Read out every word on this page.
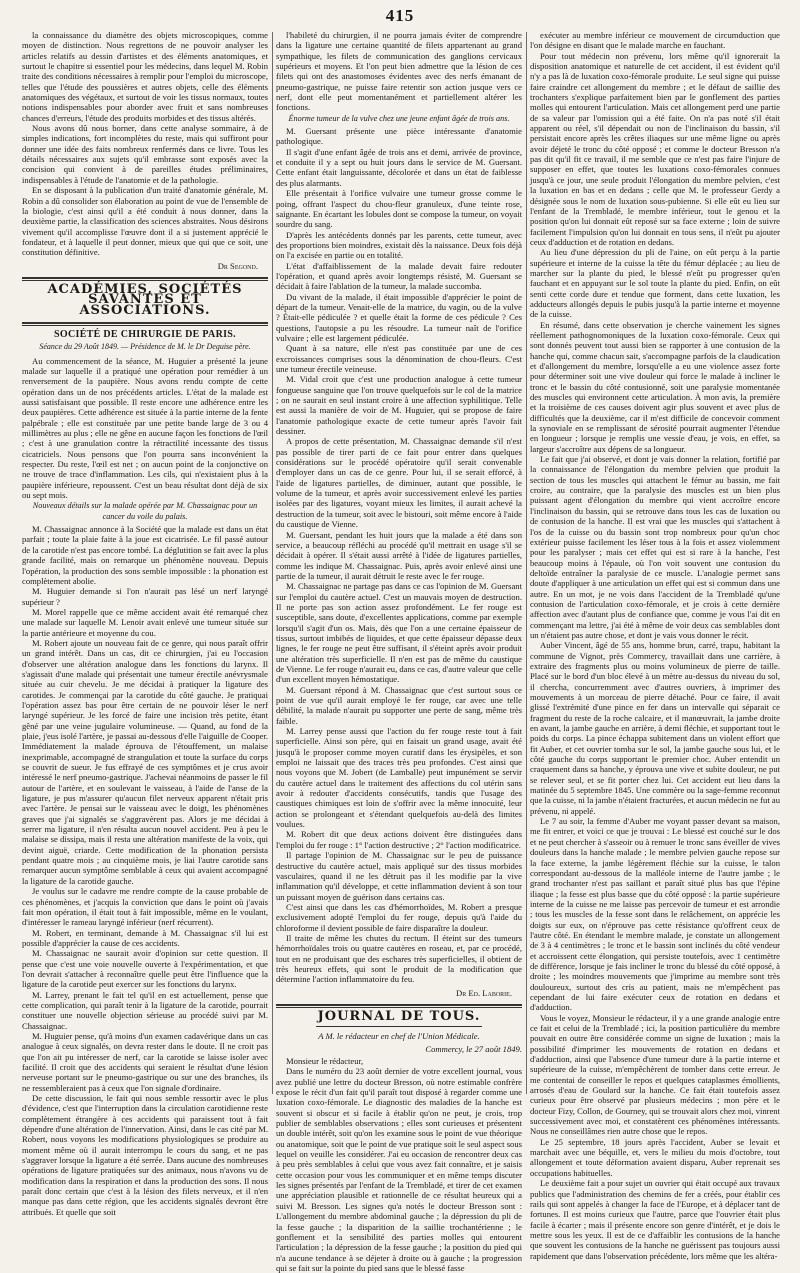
415

la connaissance du diamètre des objets microscopiques, comme moyen de distinction. Nous regrettons de ne pouvoir analyser les articles relatifs au dessin d'artistes et des éléments anatomiques, et surtout le chapitre si essentiel pour les médecins, dans lequel M. Robin traite des conditions nécessaires à remplir pour l'emploi du microscope, telles que l'étude des poussières et autres objets, celle des éléments anatomiques des végétaux, et surtout de voir les tissus normaux, toutes notions indispensables pour aborder avec fruit et sans nombreuses chances d'erreurs, l'étude des produits morbides et des tissus altérés.

Nous avons dû nous borner, dans cette analyse sommaire, à de simples indications, fort incomplètes du reste, mais qui suffiront pour donner une idée des faits nombreux renfermés dans ce livre. Tous les détails nécessaires aux sujets qu'il embrasse sont exposés avec la concision qui convient à de pareilles études préliminaires, indispensables à l'étude de l'anatomie et de la pathologie.

En se disposant à la publication d'un traité d'anatomie générale, M. Robin a dû consolider son élaboration au point de vue de l'ensemble de la biologie, c'est ainsi qu'il a été conduit à nous donner, dans la deuxième partie, la classification des sciences abstraites. Nous désirons vivement qu'il accomplisse l'œuvre dont il a si justement apprécié le fondateur, et à laquelle il peut donner, mieux que qui que ce soit, une constitution définitive.

Dr Segond.

ACADÉMIES, SOCIÉTÉS SAVANTES ET ASSOCIATIONS.

SOCIÉTÉ DE CHIRURGIE DE PARIS.

Séance du 29 Août 1849. — Présidence de M. le Dr Deguise père.

Au commencement de la séance, M. Huguier a présenté la jeune malade sur laquelle il a pratiqué une opération pour remédier à un renversement de la paupière. Nous avons rendu compte de cette opération dans un de nos précédents articles. L'état de la malade est aussi satisfaisant que possible. Il reste encore une adhérence entre les deux paupières. Cette adhérence est située à la partie interne de la fente palpébrale ; elle est constituée par une petite bande large de 3 ou 4 millimètres au plus ; elle ne gêne en aucune façon les fonctions de l'œil ; c'est à une granulation contre la rétractilité incessante des tissus cicatriciels. Nous pensons que l'on pourra sans inconvénient la respecter. Du reste, l'œil est net ; on aucun point de la conjonctive on ne trouve de trace d'inflammation. Les cils, qui n'existaient plus à la paupière inférieure, repoussent. C'est un beau résultat dont déjà de six ou sept mois.

Nouveaux détails sur la malade opérée par M. Chassaignac pour un cancer du voile du palais.

M. Chassaignac annonce à la Société que la malade est dans un état parfait ; toute la plaie faite à la joue est cicatrisée. Le fil passé autour de la carotide n'est pas encore tombé. La déglutition se fait avec la plus grande facilité, mais on remarque un phénomène nouveau. Depuis l'opération, la production des sons semble impossible : la phonation est complètement abolie.

M. Huguier demande si l'on n'aurait pas lésé un nerf laryngé supérieur ?

M. Morel rappelle que ce même accident avait été remarqué chez une malade sur laquelle M. Lenoir avait enlevé une tumeur située sur la partie antérieure et moyenne du cou.

M. Robert ajoute un nouveau fait de ce genre, qui nous paraît offrir un grand intérêt. Dans un cas, dit ce chirurgien, j'ai eu l'occasion d'observer une altération analogue dans les fonctions du larynx. Il s'agissait d'une malade qui présentait une tumeur érectile anévrysmale située au cuir chevelu. Je me décidai à pratiquer la ligature des carotides. Je commençai par la carotide du côté gauche. Je pratiquai l'opération assez bas pour être certain de ne pouvoir léser le nerf laryngé supérieur. Je les forcé de faire une incision très petite, étant gêné par une veine jugulaire volumineuse. — Quand, au fond de la plaie, j'eus isolé l'artère, je passai au-dessous d'elle l'aiguille de Cooper. Immédiatement la malade éprouva de l'étouffement, un malaise inexprimable, accompagné de strangulation et toute la surface du corps se couvrit de sueur. Je fus effrayé de ces symptômes et je crus avoir intéressé le nerf pneumo-gastrique. J'achevai néanmoins de passer le fil autour de l'artère, et en soulevant le vaisseau, à l'aide de l'anse de la ligature, je pus m'assurer qu'aucun filet nerveux apparent n'était pris avec l'artère. Je pensai sur le vaisseau avec le doigt, les phénomènes graves que j'ai signalés se s'aggravèrent pas. Alors je me décidai à serrer ma ligature, il n'en résulta aucun nouvel accident. Peu à peu le malaise se dissipa, mais il resta une altération manifeste de la voix, qui devint aiguë, criarde. Cette modification de la phonation persista pendant quatre mois ; au cinquième mois, je liai l'autre carotide sans remarquer aucun symptôme semblable à ceux qui avaient accompagné la ligature de la carotide gauche.

Je voulus sur le cadavre me rendre compte de la cause probable de ces phénomènes, et j'acquis la conviction que dans le point où j'avais fait mon opération, il était tout à fait impossible, même en le voulant, d'intéresser le rameau laryngé inférieur (nerf récurrent).

M. Robert, en terminant, demande à M. Chassaignac s'il lui est possible d'apprécier la cause de ces accidents.

M. Chassaignac ne saurait avoir d'opinion sur cette question. Il pense que c'est une voie nouvelle ouverte à l'expérimentation, et que l'on devrait s'attacher à reconnaître quelle peut être l'influence que la ligature de la carotide peut exercer sur les fonctions du larynx.

M. Larrey, prenant le fait tel qu'il en est actuellement, pense que cette complication, qui paraît tenir à la ligature de la carotide, pourrait constituer une nouvelle objection sérieuse au procédé suivi par M. Chassaignac.

M. Huguier pense, qu'à moins d'un examen cadavérique dans un cas analogue à ceux signalés, on devra rester dans le doute. Il ne croit pas que l'on ait pu intéresser de nerf, car la carotide se laisse isoler avec facilité. Il croit que des accidents qui seraient le résultat d'une lésion nerveuse portant sur le pneumo-gastrique ou sur une des branches, ils ne ressembleraient pas à ceux que l'on signale d'ordinaire.

De cette discussion, le fait qui nous semble ressortir avec le plus d'évidence, c'est que l'interruption dans la circulation carotidienne reste complètement étrangère à ces accidents qui paraissent tout à fait dépendre d'une altération de l'innervation. Ainsi, dans le cas cité par M. Robert, nous voyons les modifications physiologiques se produire au moment même où il aurait interrompu le cours du sang, et ne pas s'aggraver lorsque la ligature a été serrée. Dans aucune des nombreuses opérations de ligature pratiquées sur des animaux, nous n'avons vu de modification dans la respiration et dans la production des sons. Il nous paraît donc certain que c'est à la lésion des filets nerveux, et il n'en manque pas dans cette région, que les accidents signalés devront être attribués. Et quelle que soit

l'habileté du chirurgien, il ne pourra jamais éviter de comprendre dans la ligature une certaine quantité de filets appartenant au grand sympathique, les filets de communication des ganglions cervicaux supérieurs et moyens. Et l'on peut bien admettre que la lésion de ces filets qui ont des anastomoses évidentes avec des nerfs émanant de pneumo-gastrique, ne puisse faire retentir son action jusque vers ce nerf, dont elle peut momentanément et partiellement altérer les fonctions.

Énorme tumeur de la vulve chez une jeune enfant âgée de trois ans.

M. Guersant présente une pièce intéressante d'anatomie pathologique.

Il s'agit d'une enfant âgée de trois ans et demi, arrivée de province, et conduite il y a sept ou huit jours dans le service de M. Guersant. Cette enfant était languissante, décolorée et dans un état de faiblesse des plus alarmants.

Elle présentait à l'orifice vulvaire une tumeur grosse comme le poing, offrant l'aspect du chou-fleur granuleux, d'une teinte rose, saignante. En écartant les lobules dont se compose la tumeur, on voyait sourdre du sang.

D'après les antécédents donnés par les parents, cette tumeur, avec des proportions bien moindres, existait dès la naissance. Deux fois déjà on l'a excisée en partie ou en totalité.

L'état d'affaiblissement de la malade devait faire redouter l'opération, et quand après avoir longtemps résisté, M. Guersant se décidait à faire l'ablation de la tumeur, la malade succomba.

Du vivant de la malade, il était impossible d'apprécier le point de départ de la tumeur. Venait-elle de la matrice, du vagin, ou de la vulve ? Était-elle pédiculée ? et quelle était la forme de ces pédicule ? Ces questions, l'autopsie a pu les résoudre. La tumeur naît de l'orifice vulvaire ; elle est largement pédiculée.

Quant à sa nature, elle n'est pas constituée par une de ces excroissances comprises sous la dénomination de chou-fleurs. C'est une tumeur érectile veineuse.

M. Vidal croit que c'est une production analogue à cette tumeur fongueuse sanguine que l'on trouve quelquefois sur le col de la matrice ; on ne saurait en seul instant croire à une affection syphilitique. Telle est aussi la manière de voir de M. Huguier, qui se propose de faire l'anatomie pathologique exacte de cette tumeur après l'avoir fait dessiner.

A propos de cette présentation, M. Chassaignac demande s'il n'est pas possible de tirer parti de ce fait pour entrer dans quelques considérations sur le procédé opératoire qu'il serait convenable d'employer dans un cas de ce genre. Pour lui, il se serait efforcé, à l'aide de ligatures partielles, de diminuer, autant que possible, le volume de la tumeur, et après avoir successivement enlevé les parties isolées par des ligatures, voyant mieux les limites, il aurait achevé la destruction de la tumeur, soit avec le bistouri, soit même encore à l'aide du caustique de Vienne.

M. Guersant, pendant les huit jours que la malade a été dans son service, a beaucoup réfléchi au procédé qu'il mettrait en usage s'il se décidait à opérer. Il s'était aussi arrêté à l'idée de ligatures partielles, comme les indique M. Chassaignac. Puis, après avoir enlevé ainsi une partie de la tumeur, il aurait détruit le reste avec le fer rouge.

M. Chassaignac ne partage pas dans ce cas l'opinion de M. Guersant sur l'emploi du cautère actuel. C'est un mauvais moyen de destruction. Il ne porte pas son action assez profondément. Le fer rouge est susceptible, sans doute, d'excellentes applications, comme par exemple lorsqu'il s'agit d'un os. Mais, dès que l'on a une certaine épaisseur de tissus, surtout imbibés de liquides, et que cette épaisseur dépasse deux lignes, le fer rouge ne peut être suffisant, il s'éteint après avoir produit une altération très superficielle. Il n'en est pas de même du caustique de Vienne. Le fer rouge n'aurait eu, dans ce cas, d'autre valeur que celle d'un excellent moyen hémostatique.

M. Guersant répond à M. Chassaignac que c'est surtout sous ce point de vue qu'il aurait employé le fer rouge, car avec une telle débilité, la malade n'aurait pu supporter une perte de sang, même très faible.

M. Larrey pense aussi que l'action du fer rouge reste tout à fait superficielle. Ainsi son père, qui en faisait un grand usage, avait été jusqu'à le proposer comme moyen curatif dans les érysipèles, et son emploi ne laissait que des traces très peu profondes. C'est ainsi que nous voyons que M. Jobert (de Lamballe) peut impunément se servir du cautère actuel dans le traitement des affections du col utérin sans avoir à redouter d'accidents consécutifs, tandis que l'usage des caustiques chimiques est loin de s'offrir avec la même innocuité, leur action se prolongeant et s'étendant quelquefois au-delà des limites voulues.

M. Robert dit que deux actions doivent être distinguées dans l'emploi du fer rouge : 1° l'action destructive ; 2° l'action modificatrice.

Il partage l'opinion de M. Chassaignac sur le peu de puissance destructive du cautère actuel, mais appliqué sur des tissus morbides vasculaires, quand il ne les détruit pas il les modifie par la vive inflammation qu'il développe, et cette inflammation devient à son tour un puissant moyen de guérison dans certains cas.

C'est ainsi que dans les cas d'hémorrhoïdes, M. Robert a presque exclusivement adopté l'emploi du fer rouge, depuis qu'à l'aide du chloroforme il devient possible de faire disparaître la douleur.

Il traite de même les chutes du rectum. Il éteint sur des tumeurs hémorrhoïdales trois ou quatre cautères en roseau, et, par ce procédé, tout en ne produisant que des eschares très superficielles, il obtient de très heureux effets, qui sont le produit de la modification que détermine l'action inflammatoire du feu.

Dr Ed. Laborie.

JOURNAL DE TOUS.

A M. le rédacteur en chef de l'Union Médicale.

Commercy, le 27 août 1849.

Monsieur le rédacteur,

Dans le numéro du 23 août dernier de votre excellent journal, vous avez publié une lettre du docteur Bresson, où notre estimable confrère expose le récit d'un fait qu'il paraît tout disposé à regarder comme une luxation coxo-fémorale. Le diagnostic des maladies de la hanche est souvent si obscur et si facile à établir qu'on ne peut, je crois, trop publier de semblables observations ; elles sont curieuses et présentent un double intérêt, soit qu'on les examine sous le point de vue théorique ou anatomique, soit que le point de vue pratique soit le seul aspect sous lequel on veuille les considérer. J'ai eu occasion de rencontrer deux cas à peu près semblables à celui que vous avez fait connaître, et je saisis cette occasion pour vous les communiquer et en même temps discuter les signes présentés par l'enfant de la Trembladé, et tirer de cet examen une appréciation plausible et rationnelle de ce résultat heureux qui a suivi M. Bresson. Les signes qu'a notés le docteur Bresson sont : L'allongement du membre abdominal gauche ; la dépression du pli de la fesse gauche ; la disparition de la saillie trochantérienne ; le gonflement et la sensibilité des parties molles qui entourent l'articulation ; la dépression de la fesse gauche ; la position du pied qui n'a aucune tendance à se déjeter à droite ou à gauche ; la progression qui se fait sur la pointe du pied sans que le blessé fasse

exécuter au membre inférieur ce mouvement de circumduction que l'on désigne en disant que le malade marche en fauchant.

Pour tout médecin non prévenu, lors même qu'il ignorerait la disposition anatomique et naturelle de cet accident, il est évident qu'il n'y a pas là de luxation coxo-fémorale produite. Le seul signe qui puisse faire craindre cet allongement du membre ; et le défaut de saillie des trochanters s'explique parfaitement bien par le gonflement des parties molles qui entourent l'articulation. Mais cet allongement perd une partie de sa valeur par l'omission qui a été faite. On n'a pas noté s'il était apparent ou réel, s'il dépendait ou non de l'inclinaison du bassin, s'il persistait encore après les crêtes iliaques sur une même ligne ou après avoir déjeté le tronc du côté opposé ; et comme le docteur Bresson n'a pas dit qu'il fit ce travail, il me semble que ce n'est pas faire l'injure de supposer en effet, que toutes les luxations coxo-fémorales connues jusqu'à ce jour, une seule produit l'élongation du membre pelvien, c'est la luxation en bas et en dedans ; celle que M. le professeur Gerdy a désignée sous le nom de luxation sous-pubienne. Si elle eût eu lieu sur l'enfant de la Trembladé, le membre inférieur, tout le genou et la position qu'on lui donnait eût reposé sur sa face externe ; loin de suivre facilement l'impulsion qu'on lui donnait en tous sens, il n'eût pu ajouter ceux d'adduction et de rotation en dedans.

Au lieu d'une dépression du pli de l'aine, on eût perçu à la partie supérieure et interne de la cuisse la tête du fémur déplacée ; au lieu de marcher sur la plante du pied, le blessé n'eût pu progresser qu'en fauchant et en appuyant sur le sol toute la plante du pied. Enfin, on eût senti cette corde dure et tendue que forment, dans cette luxation, les adducteurs allongés depuis le pubis jusqu'à la partie interne et moyenne de la cuisse.

En résumé, dans cette observation je cherche vainement les signes réellement pathognomoniques de la luxation coxo-fémorale. Ceux qui sont donnés peuvent tout aussi bien se rapporter à une contusion de la hanche qui, comme chacun sait, s'accompagne parfois de la claudication et d'allongement du membre, lorsqu'elle a eu une violence assez forte pour déterminer soit une vive douleur qui force le malade à incliner le tronc et le bassin du côté contusionné, soit une paralysie momentanée des muscles qui environnent cette articulation. À mon avis, la première et la troisième de ces causes doivent agir plus souvent et avec plus de difficultés que la deuxième, car il m'est difficile de concevoir comment la synoviale en se remplissant de sérosité pourrait augmenter l'étendue en longueur ; lorsque je remplis une vessie d'eau, je vois, en effet, sa largeur s'accroître aux dépens de sa longueur.

Le fait que j'ai observé, et dont je vais donner la relation, fortifié par la connaissance de l'élongation du membre pelvien que produit la section de tous les muscles qui attachent le fémur au bassin, me fait croire, au contraire, que la paralysie des muscles est un bien plus puissant agent d'élongation du membre qui vient accroître encore l'inclinaison du bassin, qui se retrouve dans tous les cas de luxation ou de contusion de la hanche. Il est vrai que les muscles qui s'attachent à l'os de la cuisse ou du bassin sont trop nombreux pour qu'un choc extérieur puisse facilement les léser tous à la fois et assez violemment pour les paralyser ; mais cet effet qui est si rare à la hanche, l'est beaucoup moins à l'épaule, où l'on voit souvent une contusion du deltoïde entraîner la paralysie de ce muscle. L'analogie permet sans doute d'appliquer à une articulation un effet qui est si commun dans une autre. En un mot, je ne vois dans l'accident de la Trembladé qu'une contusion de l'articulation coxo-fémorale, et je crois à cette dernière affection avec d'autant plus de confiance que, comme je vous l'ai dit en commençant ma lettre, j'ai été à même de voir deux cas semblables dont un n'étaient pas autre chose, et dont je vais vous donner le récit.

Auber Vincent, âgé de 55 ans, homme brun, carré, trapu, habitant la commune de Vignot, près Commercy, travaillait dans une carrière, à extraire des fragments plus ou moins volumineux de pierre de taille. Placé sur le bord d'un bloc élevé à un mètre au-dessus du niveau du sol, il chercha, concurremment avec d'autres ouvriers, à imprimer des mouvements à un morceau de pierre détaché. Pour ce faire, il avait glissé l'extrémité d'une pince en fer dans un intervalle qui séparait ce fragment du reste de la roche calcaire, et il manœuvrait, la jambe droite en avant, la jambe gauche en arrière, à demi fléchie, et supportant tout le poids du corps. La pince échappa subitement dans un violent effort que fit Auber, et cet ouvrier tomba sur le sol, la jambe gauche sous lui, et le côté gauche du corps supportant le premier choc. Auber entendit un craquement dans sa hanche, y éprouva une vive et subite douleur, ne put se relever seul, et se fit porter chez lui. Cet accident eut lieu dans la matinée du 5 septembre 1845. Une commère ou la sage-femme reconnut que la cuisse, ni la jambe n'étaient fracturées, et aucun médecin ne fut au prévenu, ni appelé.

Le 7 au soir, la femme d'Auber me voyant passer devant sa maison, me fit entrer, et voici ce que je trouvai : Le blessé est couché sur le dos et ne peut chercher à s'asseoir ou à remuer le tronc sans éveiller de vives douleurs dans la hanche malade ; le membre pelvien gauche repose sur la face externe, la jambe légèrement fléchie sur la cuisse, le talon correspondant au-dessous de la malléole interne de l'autre jambe ; le grand trochanter n'est pas saillant et paraît situé plus bas que l'épine iliaque ; la fesse est plus basse que du côté opposé : la partie supérieure interne de la cuisse ne me laisse pas percevoir de tumeur et est arrondie ; tous les muscles de la fesse sont dans le relâchement, on apprécie les doigts sur eux, on n'éprouve pas cette résistance qu'offrent ceux de l'autre côté. En étendant le membre malade, je constate un allongement de 3 à 4 centimètres ; le tronc et le bassin sont inclinés du côté vendeur et accroissent cette élongation, qui persiste toutefois, avec 1 centimètre de différence, lorsque je fais incliner le tronc du blessé du côté opposé, à droite ; les moindres mouvements que j'imprime au membre sont très douloureux, surtout des cris au patient, mais ne m'empêchent pas cependant de lui faire exécuter ceux de rotation en dedans et d'adduction.

Vous le voyez, Monsieur le rédacteur, il y a une grande analogie entre ce fait et celui de la Trembladé ; ici, la position particulière du membre pouvait en outre être considérée comme un signe de luxation ; mais la possibilité d'imprimer les mouvements de rotation en dedans et d'adduction, ainsi que l'absence d'une tumeur dure à la partie interne et supérieure de la cuisse, m'empêchèrent de tomber dans cette erreur. Je me contentai de conseiller le repos et quelques cataplasmes émollients, arrosés d'eau de Goulard sur la hanche. Ce fait était toutefois assez curieux pour être observé par plusieurs médecins ; mon père et le docteur Fizy, Collon, de Gourney, qui se trouvait alors chez moi, vinrent successivement avec moi, et constatèrent ces phénomènes intéressants. Nous ne conseillâmes rien autre chose que le repos.

Le 25 septembre, 18 jours après l'accident, Auber se levait et marchait avec une béquille, et, vers le milieu du mois d'octobre, tout allongement et toute déformation avaient disparu, Auber reprenait ses occupations habituelles.

Le deuxième fait a pour sujet un ouvrier qui était occupé aux travaux publics que l'administration des chemins de fer a créés, pour établir ces rails qui sont appelés à changer la face de l'Europe, et à déplacer tant de fortunes. Il est moins curieux que l'autre, parce que l'ouvrier était plus facile à écarter ; mais il présente encore son genre d'intérêt, et je dois le mettre sous les yeux. Il est de ce d'affaiblir les contusions de la hanche que souvent les contusions de la hanche ne guérissent pas toujours aussi rapidement que dans l'observation précédente, lors même que les altéra-
